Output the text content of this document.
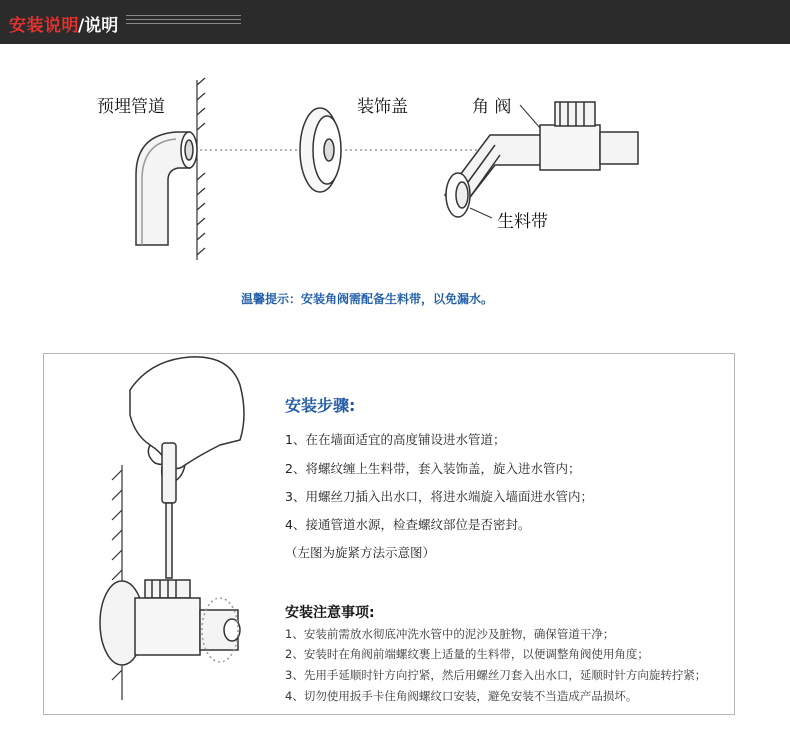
安装说明 /说明
预埋管道	装饰盖	角 阀
生料带
温馨提示：安装角阀需配备生料带，以免漏水。
安装步骤:
1、在在墙面适宜的高度铺设进水管道；
2、将螺纹缠上生料带，套入装饰盖，旋入进水管内；
3、用螺丝刀插入出水口，将进水端旋入墙面进水管内；
4、接通管道水源，检查螺纹部位是否密封。
（左图为旋紧方法示意图）
安装注意事项:
1、安装前需放水彻底冲洗水管中的泥沙及脏物，确保管道干净；
2、安装时在角阀前端螺纹裹上适量的生料带，以便调整角阀使用角度；
3、先用手延顺时针方向拧紧，然后用螺丝刀套入出水口，延顺时针方向旋转拧紧；
4、切勿使用扳手卡住角阀螺纹口安装，避免安装不当造成产品损坏。
